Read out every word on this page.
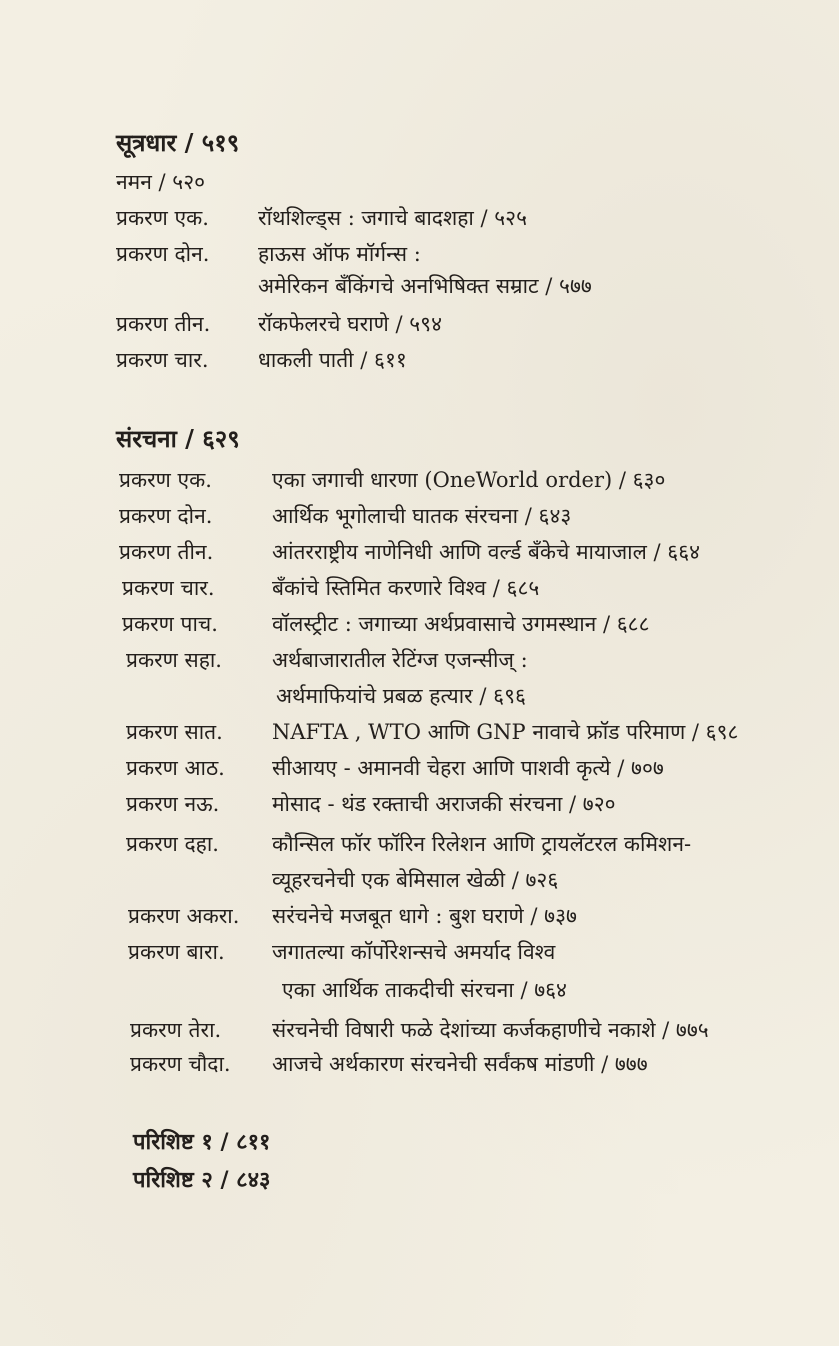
सूत्रधार / ५१९
नमन / ५२०
प्रकरण एक. रॉथशिल्ड्स : जगाचे बादशहा / ५२५
प्रकरण दोन. हाऊस ऑफ मॉर्गन्स :
अमेरिकन बँकिंगचे अनभिषिक्त सम्राट / ५७७
प्रकरण तीन. रॉकफेलरचे घराणे / ५९४
प्रकरण चार. धाकली पाती / ६११
संरचना / ६२९
प्रकरण एक.	एका जगाची धारणा (OneWorld order) / ६३०
प्रकरण दोन.	आर्थिक भूगोलाची घातक संरचना / ६४३
प्रकरण तीन.	आंतरराष्ट्रीय नाणेनिधी आणि वर्ल्ड बँकेचे मायाजाल / ६६४
प्रकरण चार.	बँकांचे स्तिमित करणारे विश्व / ६८५
प्रकरण पाच.	वॉलस्ट्रीट : जगाच्या अर्थप्रवासाचे उगमस्थान / ६८८
प्रकरण सहा. अर्थबाजारातील रेटिंग्ज एजन्सीज् :
अर्थमाफियांचे प्रबळ हत्यार / ६९६
प्रकरण सात. NAFTA , WTO आणि GNP नावाचे फ्रॉड परिमाण / ६९८
प्रकरण आठ. सीआयए - अमानवी चेहरा आणि पाशवी कृत्ये / ७०७
प्रकरण नऊ.	मोसाद - थंड रक्ताची अराजकी संरचना / ७२०
प्रकरण दहा.	कौन्सिल फॉर फॉरिन रिलेशन आणि ट्रायलॅटरल कमिशन-
व्यूहरचनेची एक बेमिसाल खेळी / ७२६
प्रकरण अकरा. सरंचनेचे मजबूत धागे : बुश घराणे / ७३७
प्रकरण बारा. जगातल्या कॉर्पोरेशन्सचे अमर्याद विश्व
एका आर्थिक ताकदीची संरचना / ७६४
प्रकरण तेरा. संरचनेची विषारी फळे देशांच्या कर्जकहाणीचे नकाशे / ७७५
प्रकरण चौदा. आजचे अर्थकारण संरचनेची सर्वंकष मांडणी / ७७७
परिशिष्ट १ / ८११
परिशिष्ट २ / ८४३
